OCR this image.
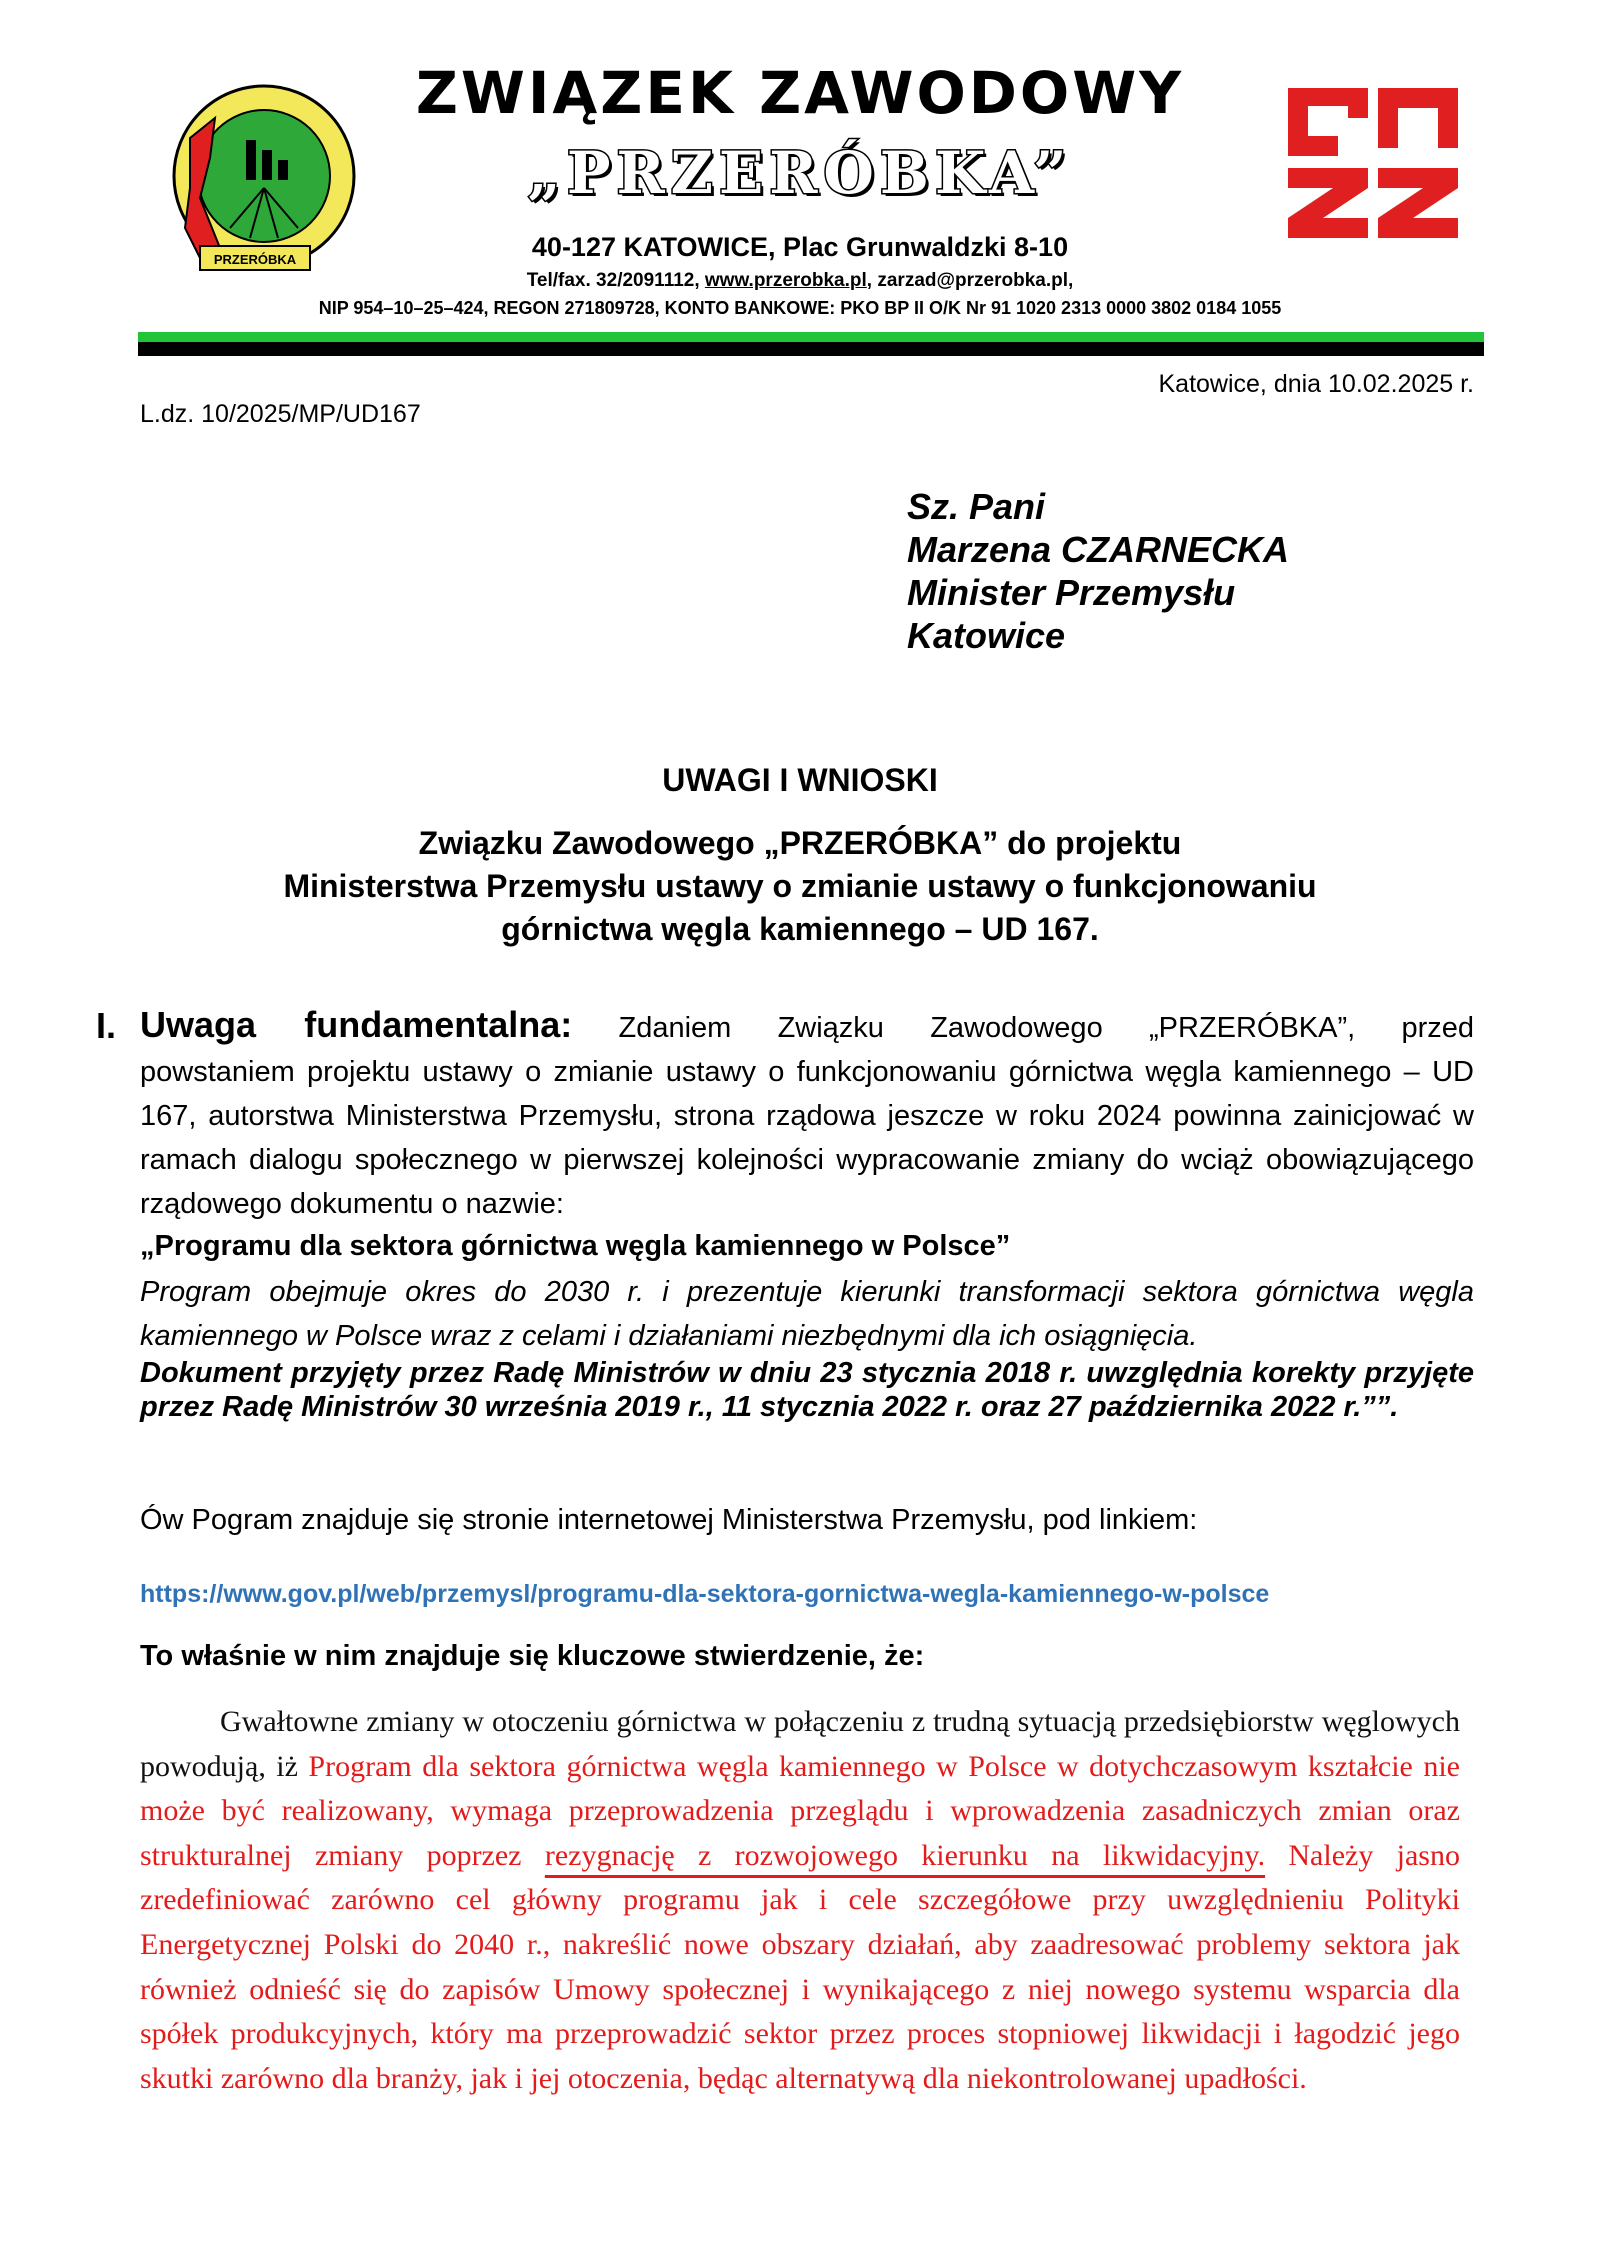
PRZERÓBKA
ZWIĄZEK ZAWODOWY
„PRZERÓBKA”
40-127 KATOWICE, Plac Grunwaldzki 8-10
Tel/fax. 32/2091112, www.przerobka.pl, zarzad@przerobka.pl,
NIP 954–10–25–424, REGON 271809728, KONTO BANKOWE: PKO BP II O/K Nr 91 1020 2313 0000 3802 0184 1055
Katowice, dnia 10.02.2025 r.
L.dz. 10/2025/MP/UD167
Sz. Pani
Marzena CZARNECKA
Minister Przemysłu
Katowice
UWAGI I WNIOSKI
Związku Zawodowego „PRZERÓBKA” do projektu
Ministerstwa Przemysłu ustawy o zmianie ustawy o funkcjonowaniu
górnictwa węgla kamiennego – UD 167.
I. Uwaga fundamentalna: Zdaniem Związku Zawodowego „PRZERÓBKA”, przed
powstaniem projektu ustawy o zmianie ustawy o funkcjonowaniu górnictwa węgla kamiennego – UD 167, autorstwa Ministerstwa Przemysłu, strona rządowa jeszcze w roku 2024 powinna zainicjować w ramach dialogu społecznego w pierwszej kolejności wypracowanie zmiany do wciąż obowiązującego rządowego dokumentu o nazwie:
„Programu dla sektora górnictwa węgla kamiennego w Polsce”
Program obejmuje okres do 2030 r. i prezentuje kierunki transformacji sektora górnictwa węgla kamiennego w Polsce wraz z celami i działaniami niezbędnymi dla ich osiągnięcia.
Dokument przyjęty przez Radę Ministrów w dniu 23 stycznia 2018 r. uwzględnia korekty przyjęte przez Radę Ministrów 30 września 2019 r., 11 stycznia 2022 r. oraz 27 października 2022 r.””.
Ów Pogram znajduje się stronie internetowej Ministerstwa Przemysłu, pod linkiem:
https://www.gov.pl/web/przemysl/programu-dla-sektora-gornictwa-wegla-kamiennego-w-polsce
To właśnie w nim znajduje się kluczowe stwierdzenie, że:
Gwałtowne zmiany w otoczeniu górnictwa w połączeniu z trudną sytuacją przedsiębiorstw węglowych powodują, iż Program dla sektora górnictwa węgla kamiennego w Polsce w dotychczasowym kształcie nie może być realizowany, wymaga przeprowadzenia przeglądu i wprowadzenia zasadniczych zmian oraz strukturalnej zmiany poprzez rezygnację z rozwojowego kierunku na likwidacyjny. Należy jasno zredefiniować zarówno cel główny programu jak i cele szczegółowe przy uwzględnieniu Polityki Energetycznej Polski do 2040 r., nakreślić nowe obszary działań, aby zaadresować problemy sektora jak również odnieść się do zapisów Umowy społecznej i wynikającego z niej nowego systemu wsparcia dla spółek produkcyjnych, który ma przeprowadzić sektor przez proces stopniowej likwidacji i łagodzić jego skutki zarówno dla branży, jak i jej otoczenia, będąc alternatywą dla niekontrolowanej upadłości.
